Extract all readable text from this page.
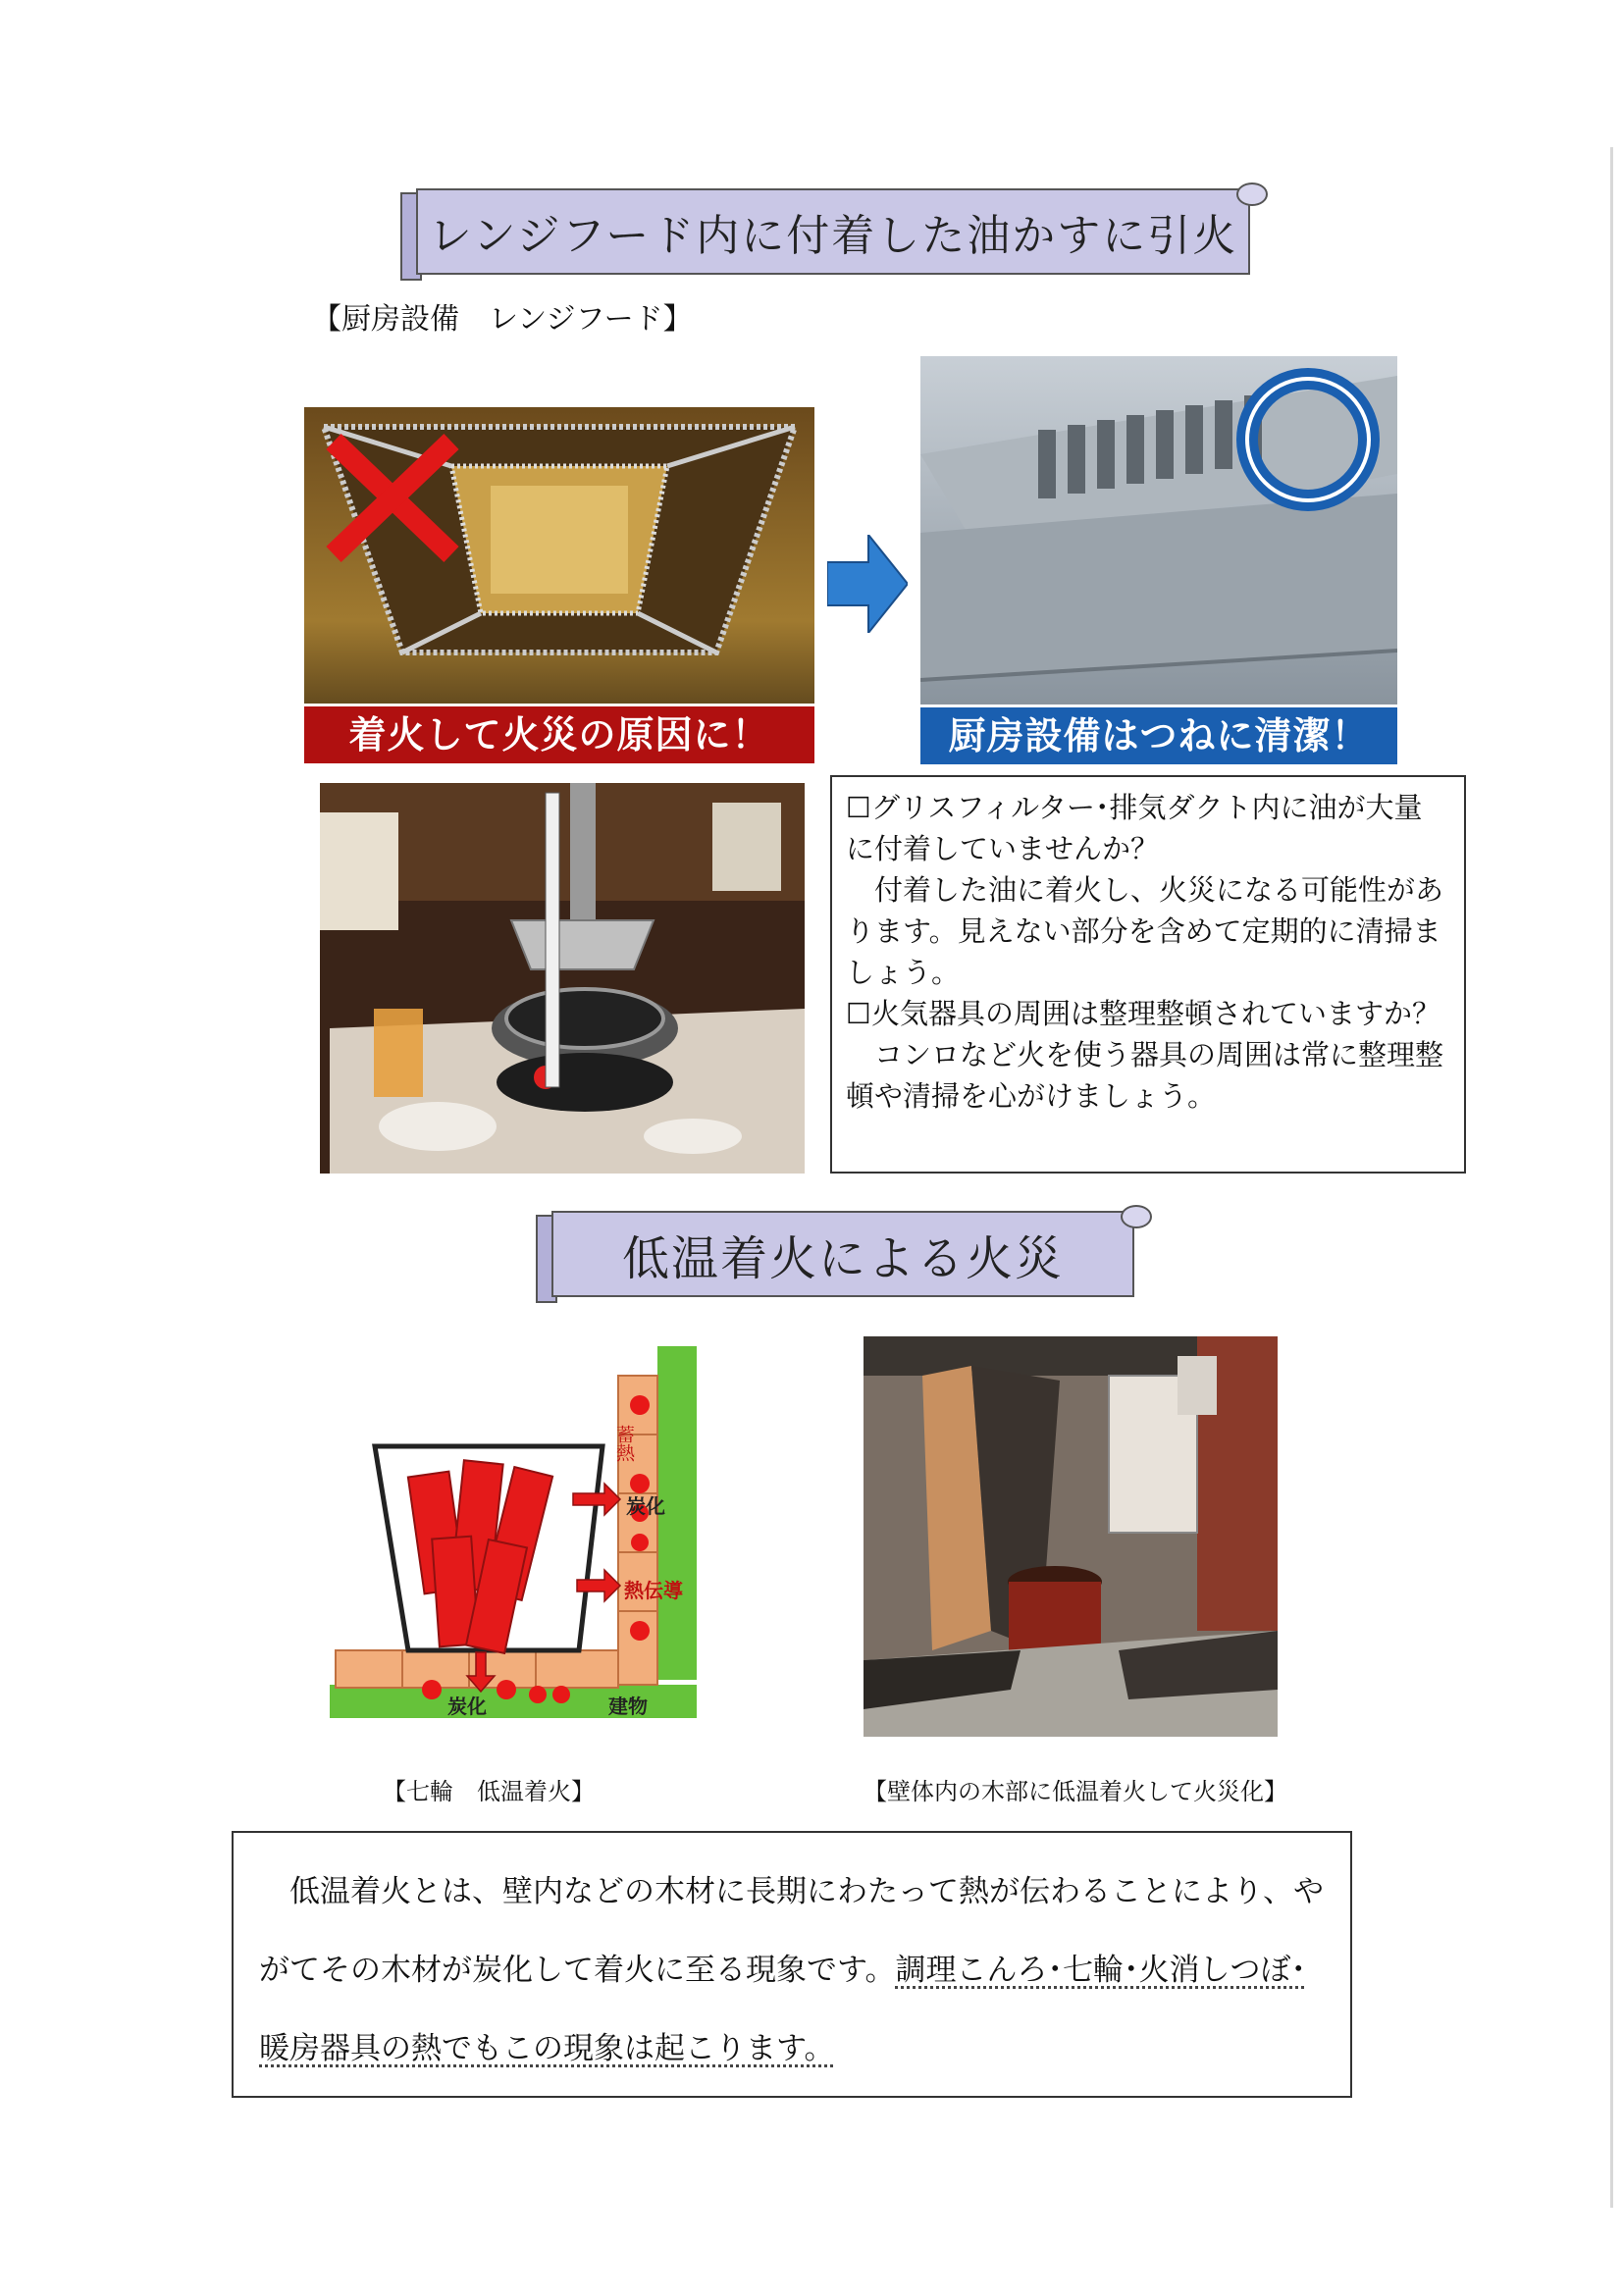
レンジフード内に付着した油かすに引火
【厨房設備　レンジフード】
着火して火災の原因に！	厨房設備はつねに清潔！

☐グリスフィルター･排気ダクト内に油が大量に付着していませんか？

　付着した油に着火し、火災になる可能性があります。見えない部分を含めて定期的に清掃ましょう。

☐火気器具の周囲は整理整頓されていますか？

　コンロなど火を使う器具の周囲は常に整理整頓や清掃を心がけましょう。

低温着火による火災
蓄熱
炭化
熱伝導
炭化	建物
【七輪　低温着火】	【壁体内の木部に低温着火して火災化】

　低温着火とは、壁内などの木材に長期にわたって熱が伝わることにより、や

がてその木材が炭化して着火に至る現象です。調理こんろ･七輪･火消しつぼ･

暖房器具の熱でもこの現象は起こります。
